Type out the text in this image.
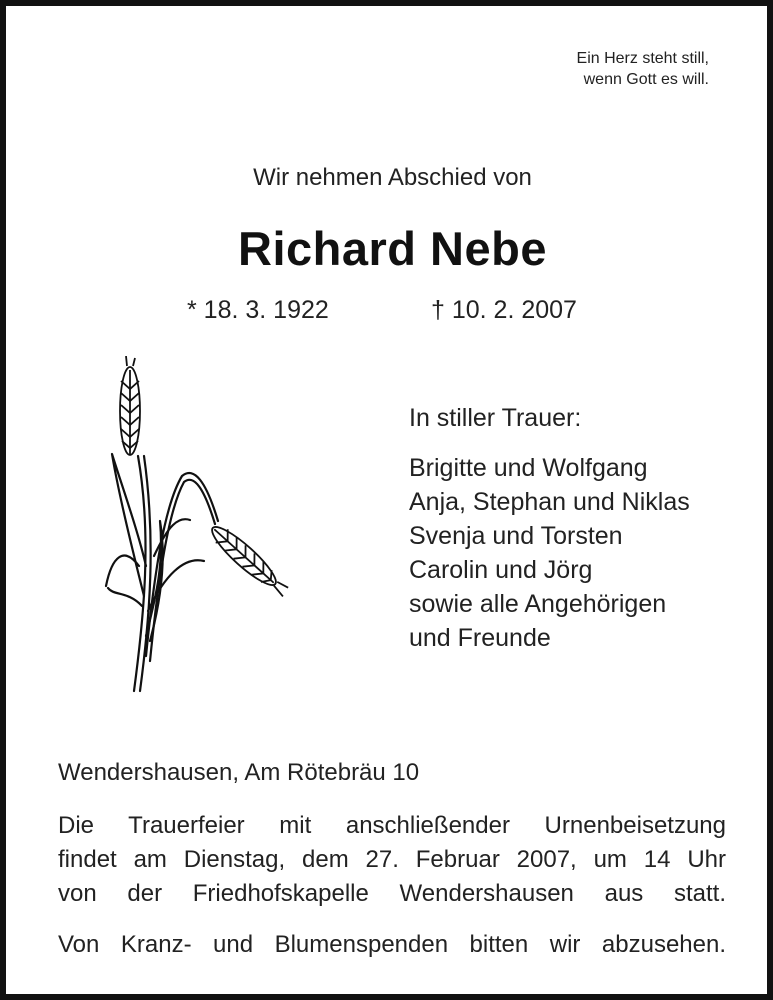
Ein Herz steht still,
wenn Gott es will.
Wir nehmen Abschied von
Richard Nebe
* 18. 3. 1922	† 10. 2. 2007
In stiller Trauer:
Brigitte und Wolfgang
Anja, Stephan und Niklas
Svenja und Torsten
Carolin und Jörg
sowie alle Angehörigen
und Freunde
Wendershausen, Am Rötebräu 10
Die Trauerfeier mit anschließender Urnenbeisetzung
findet am Dienstag, dem 27. Februar 2007, um 14 Uhr
von der Friedhofskapelle Wendershausen aus statt.
Von Kranz- und Blumenspenden bitten wir abzusehen.
